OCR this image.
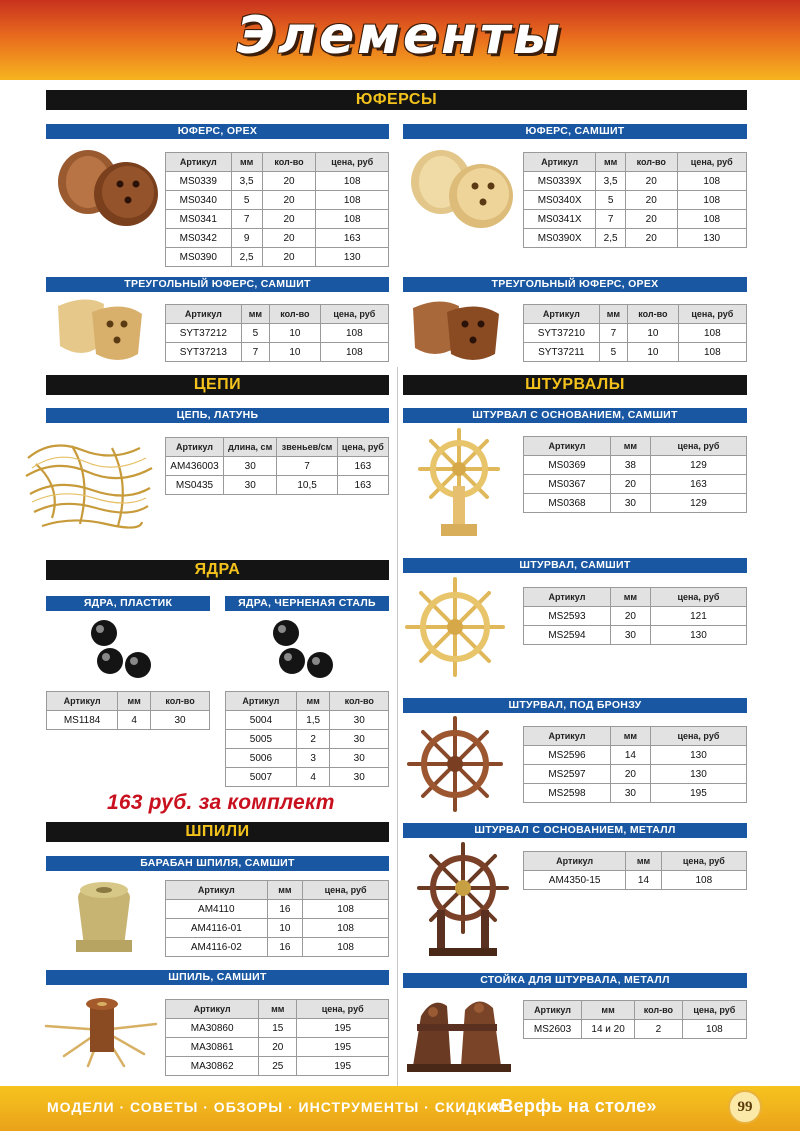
Элементы
ЮФЕРСЫ
ЮФЕРС, ОРЕХ
Артикул	мм	кол-во	цена, руб
MS0339	3,5	20	108
MS0340	5	20	108
MS0341	7	20	108
MS0342	9	20	163
MS0390	2,5	20	130
ЮФЕРС, САМШИТ
Артикул	мм	кол-во	цена, руб
MS0339X	3,5	20	108
MS0340X	5	20	108
MS0341X	7	20	108
MS0390X	2,5	20	130
ТРЕУГОЛЬНЫЙ ЮФЕРС, САМШИТ
Артикул	мм	кол-во	цена, руб
SYT37212	5	10	108
SYT37213	7	10	108
ТРЕУГОЛЬНЫЙ ЮФЕРС, ОРЕХ
Артикул	мм	кол-во	цена, руб
SYT37210	7	10	108
SYT37211	5	10	108
ЦЕПИ
ЦЕПЬ, ЛАТУНЬ
Артикул	длина, см	звеньев/см	цена, руб
AM436003	30	7	163
MS0435	30	10,5	163
ШТУРВАЛЫ
ШТУРВАЛ С ОСНОВАНИЕМ, САМШИТ
Артикул	мм	цена, руб
MS0369	38	129
MS0367	20	163
MS0368	30	129
ШТУРВАЛ, САМШИТ
Артикул	мм	цена, руб
MS2593	20	121
MS2594	30	130
ШТУРВАЛ, ПОД БРОНЗУ
Артикул	мм	цена, руб
MS2596	14	130
MS2597	20	130
MS2598	30	195
ШТУРВАЛ С ОСНОВАНИЕМ, МЕТАЛЛ
Артикул	мм	цена, руб
AM4350-15	14	108
СТОЙКА ДЛЯ ШТУРВАЛА, МЕТАЛЛ
Артикул	мм	кол-во	цена, руб
MS2603	14 и 20	2	108
ЯДРА
ЯДРА, ПЛАСТИК
Артикул	мм	кол-во
MS1184	4	30
ЯДРА, ЧЕРНЕНАЯ СТАЛЬ
Артикул	мм	кол-во
5004	1,5	30
5005	2	30
5006	3	30
5007	4	30
163 руб. за комплект
ШПИЛИ
БАРАБАН ШПИЛЯ, САМШИТ
Артикул	мм	цена, руб
AM4110	16	108
AM4116-01	10	108
AM4116-02	16	108
ШПИЛЬ, САМШИТ
Артикул	мм	цена, руб
MA30860	15	195
MA30861	20	195
MA30862	25	195
МОДЕЛИ · СОВЕТЫ · ОБЗОРЫ · ИНСТРУМЕНТЫ · СКИДКИ!
«Верфь на столе»	99
